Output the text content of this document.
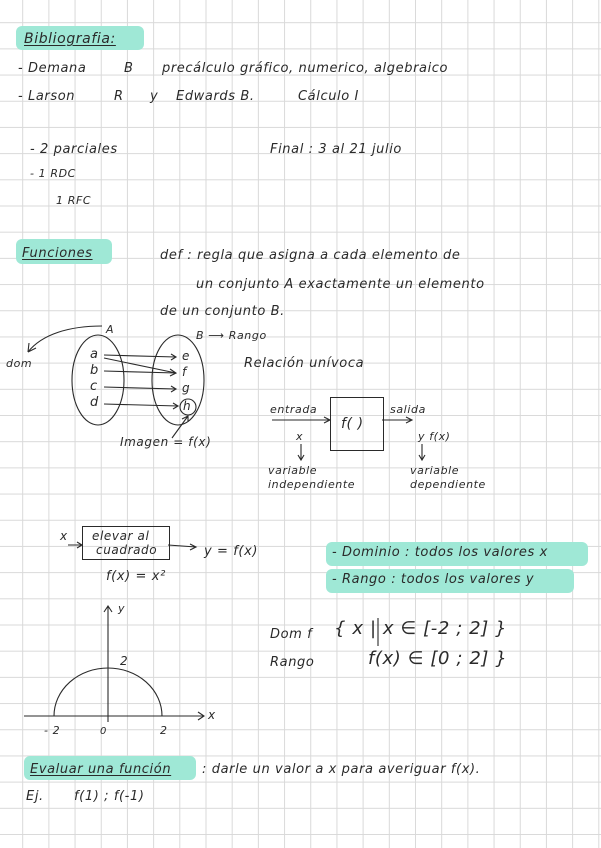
Bibliografia:
- Demana	B precálculo gráfico, numerico, algebraico
- Larson	R y Edwards B.	Cálculo I
- 2 parciales	Final : 3 al 21 julio
- 1 RDC
1 RFC
Funciones	def : regla que asigna a cada elemento de
un conjunto A exactamente un elemento
de un conjunto B.
A	B ⟶ Rango
dom
a
b
c
d
e
f
g
h
Imagen = f(x)
Relación unívoca
entrada	salida
f( )
x	y f(x)
variable
independiente
variable
dependiente
x elevar al
cuadrado	y = f(x)
f(x) = x²
- Dominio : todos los valores x
- Rango : todos los valores y
Dom f { x | x ∈ [-2 ; 2] }
Rango	f(x) ∈ [0 ; 2] }
y
2
x
- 2	0	2
Evaluar una función : darle un valor a x para averiguar f(x).
Ej. f(1) ; f(-1)
